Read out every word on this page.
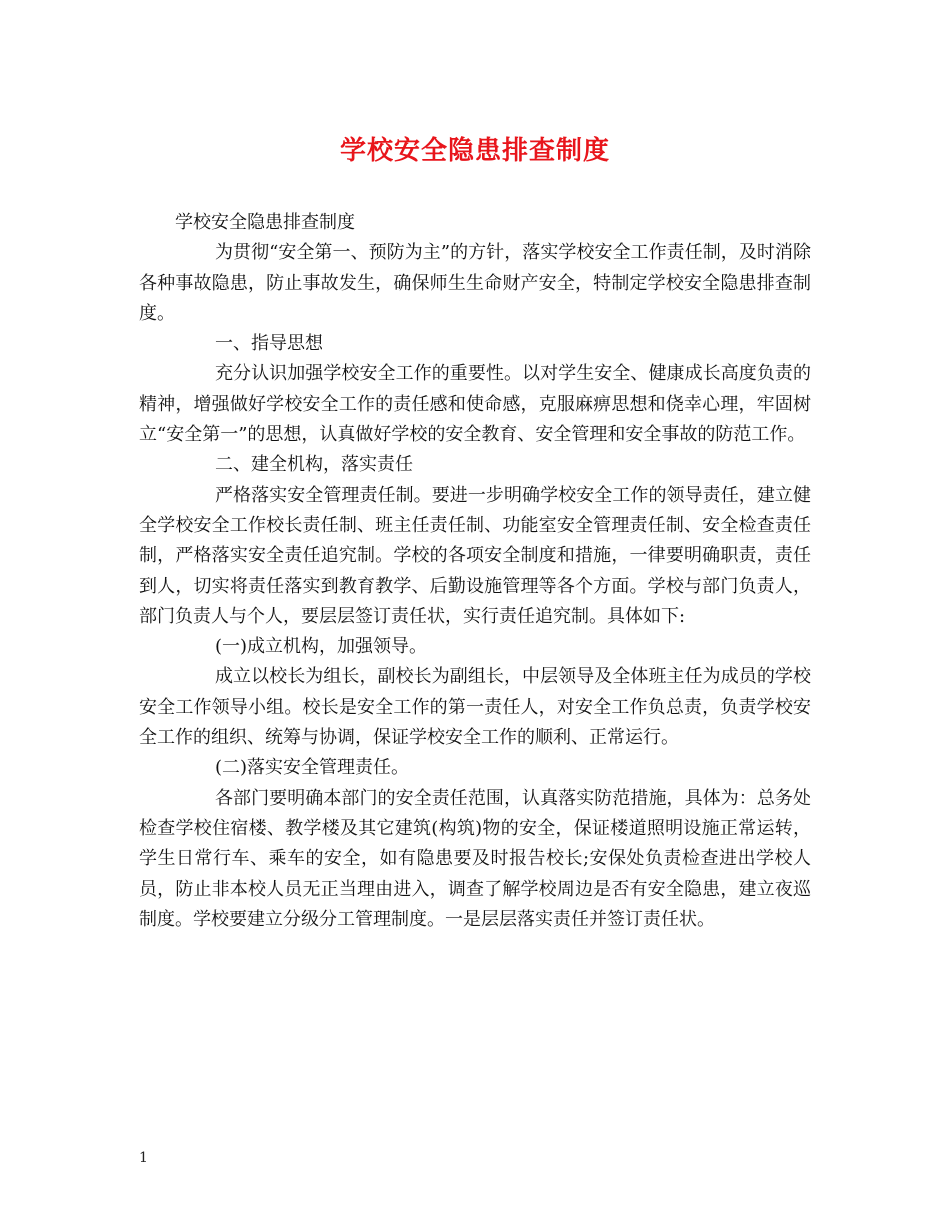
学校安全隐患排查制度

学校安全隐患排查制度

为贯彻“安全第一、预防为主”的方针，落实学校安全工作责任制，及时消除各种事故隐患，防止事故发生，确保师生生命财产安全，特制定学校安全隐患排查制度。

一、指导思想

充分认识加强学校安全工作的重要性。以对学生安全、健康成长高度负责的精神，增强做好学校安全工作的责任感和使命感，克服麻痹思想和侥幸心理，牢固树立“安全第一”的思想，认真做好学校的安全教育、安全管理和安全事故的防范工作。

二、建全机构，落实责任

严格落实安全管理责任制。要进一步明确学校安全工作的领导责任，建立健全学校安全工作校长责任制、班主任责任制、功能室安全管理责任制、安全检查责任制，严格落实安全责任追究制。学校的各项安全制度和措施，一律要明确职责，责任到人，切实将责任落实到教育教学、后勤设施管理等各个方面。学校与部门负责人，部门负责人与个人，要层层签订责任状，实行责任追究制。具体如下:

(一)成立机构，加强领导。

成立以校长为组长，副校长为副组长，中层领导及全体班主任为成员的学校安全工作领导小组。校长是安全工作的第一责任人，对安全工作负总责，负责学校安全工作的组织、统筹与协调，保证学校安全工作的顺利、正常运行。

(二)落实安全管理责任。

各部门要明确本部门的安全责任范围，认真落实防范措施，具体为：总务处检查学校住宿楼、教学楼及其它建筑(构筑)物的安全，保证楼道照明设施正常运转，学生日常行车、乘车的安全，如有隐患要及时报告校长;安保处负责检查进出学校人员，防止非本校人员无正当理由进入，调查了解学校周边是否有安全隐患，建立夜巡制度。学校要建立分级分工管理制度。一是层层落实责任并签订责任状。

1
